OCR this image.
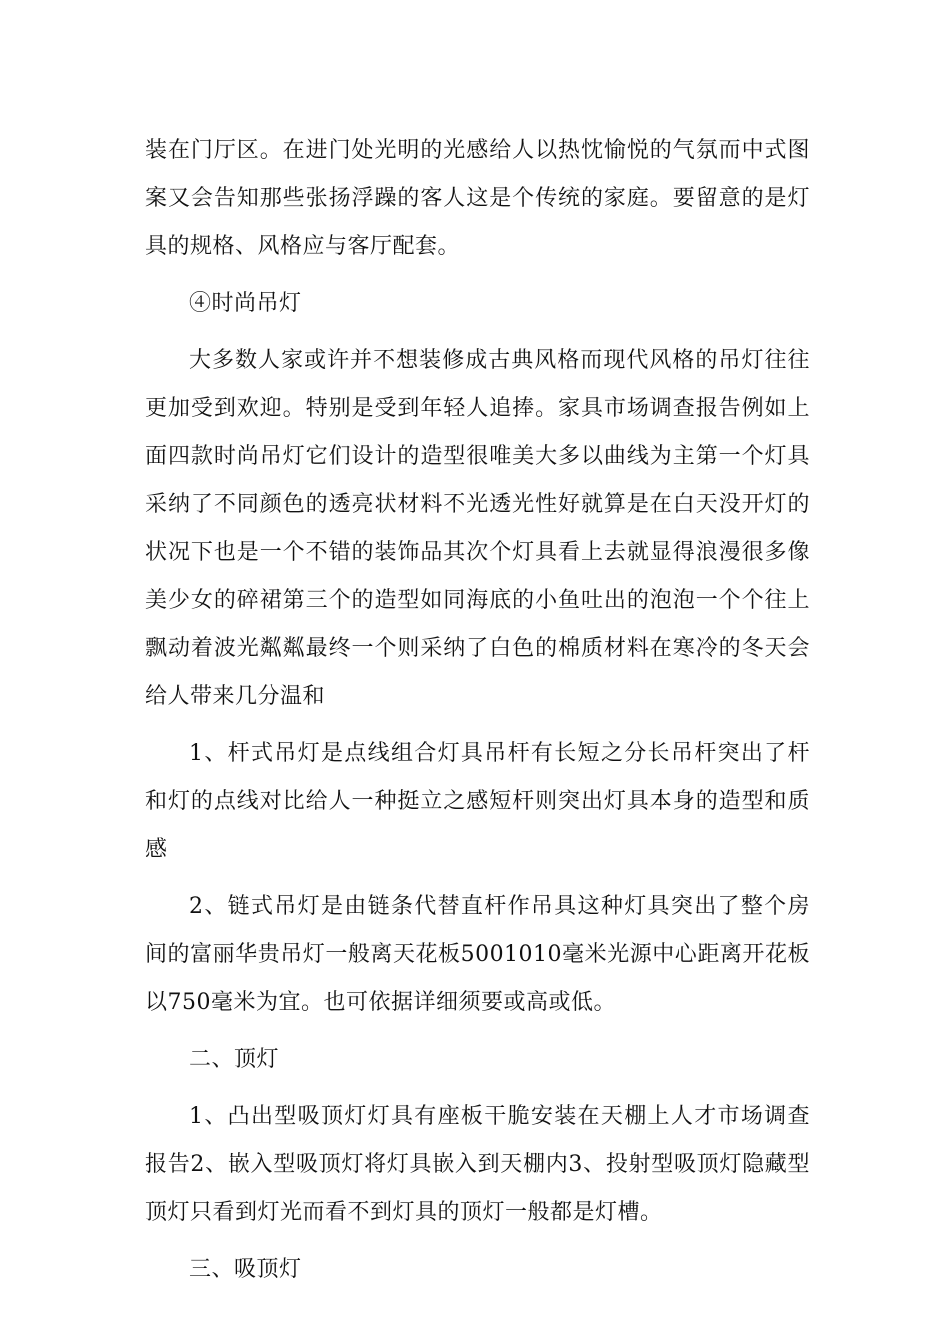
装在门厅区。在进门处光明的光感给人以热忱愉悦的气氛而中式图案又会告知那些张扬浮躁的客人这是个传统的家庭。要留意的是灯具的规格、风格应与客厅配套。

④时尚吊灯

大多数人家或许并不想装修成古典风格而现代风格的吊灯往往更加受到欢迎。特别是受到年轻人追捧。家具市场调查报告例如上面四款时尚吊灯它们设计的造型很唯美大多以曲线为主第一个灯具采纳了不同颜色的透亮状材料不光透光性好就算是在白天没开灯的状况下也是一个不错的装饰品其次个灯具看上去就显得浪漫很多像美少女的碎裙第三个的造型如同海底的小鱼吐出的泡泡一个个往上飘动着波光粼粼最终一个则采纳了白色的棉质材料在寒冷的冬天会给人带来几分温和

1、杆式吊灯是点线组合灯具吊杆有长短之分长吊杆突出了杆和灯的点线对比给人一种挺立之感短杆则突出灯具本身的造型和质感

2、链式吊灯是由链条代替直杆作吊具这种灯具突出了整个房间的富丽华贵吊灯一般离天花板5001010毫米光源中心距离开花板以750毫米为宜。也可依据详细须要或高或低。

二、顶灯

1、凸出型吸顶灯灯具有座板干脆安装在天棚上人才市场调查报告2、嵌入型吸顶灯将灯具嵌入到天棚内3、投射型吸顶灯隐藏型顶灯只看到灯光而看不到灯具的顶灯一般都是灯槽。

三、吸顶灯
